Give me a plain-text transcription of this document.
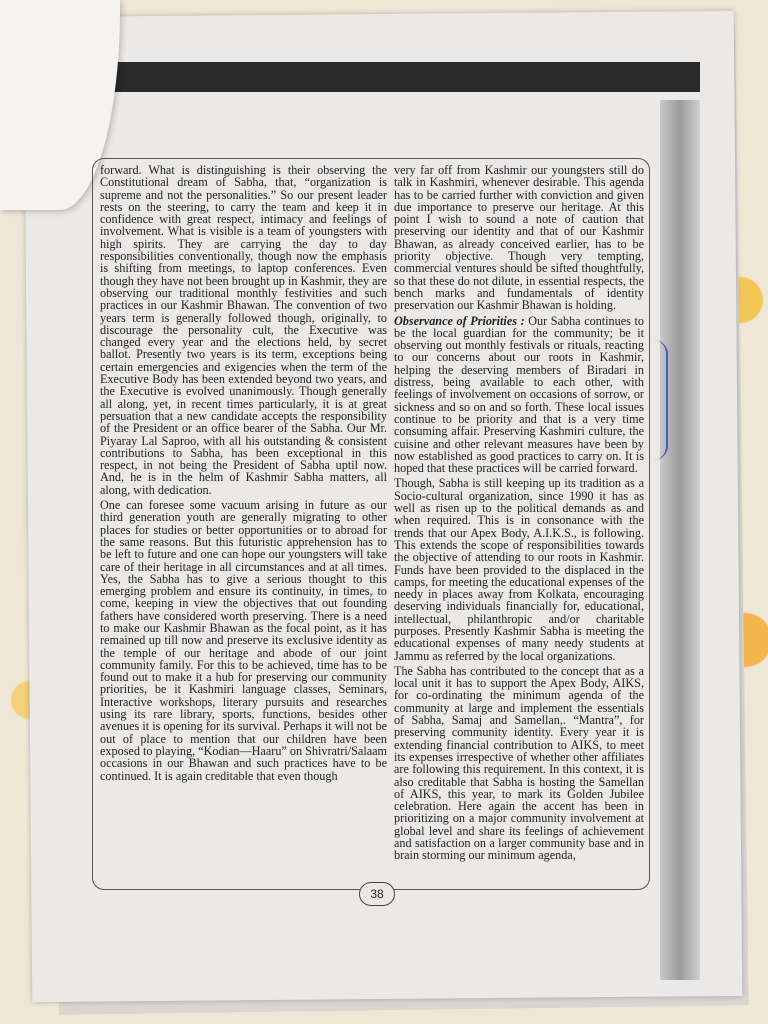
forward. What is distinguishing is their observing the Constitutional dream of Sabha, that, “organization is supreme and not the personalities.” So our present leader rests on the steering, to carry the team and keep it in confidence with great respect, intimacy and feelings of involvement. What is visible is a team of youngsters with high spirits. They are carrying the day to day responsibilities conventionally, though now the emphasis is shifting from meetings, to laptop conferences. Even though they have not been brought up in Kashmir, they are observing our traditional monthly festivities and such practices in our Kashmir Bhawan. The convention of two years term is generally followed though, originally, to discourage the personality cult, the Executive was changed every year and the elections held, by secret ballot. Presently two years is its term, exceptions being certain emergencies and exigencies when the term of the Executive Body has been extended beyond two years, and the Executive is evolved unanimously. Though generally all along, yet, in recent times particularly, it is at great persuation that a new candidate accepts the responsibility of the President or an office bearer of the Sabha. Our Mr. Piyaray Lal Saproo, with all his outstanding & consistent contributions to Sabha, has been exceptional in this respect, in not being the President of Sabha uptil now. And, he is in the helm of Kashmir Sabha matters, all along, with dedication.

One can foresee some vacuum arising in future as our third generation youth are generally migrating to other places for studies or better opportunities or to abroad for the same reasons. But this futuristic apprehension has to be left to future and one can hope our youngsters will take care of their heritage in all circumstances and at all times. Yes, the Sabha has to give a serious thought to this emerging problem and ensure its continuity, in times, to come, keeping in view the objectives that out founding fathers have considered worth preserving. There is a need to make our Kashmir Bhawan as the focal point, as it has remained up till now and preserve its exclusive identity as the temple of our heritage and abode of our joint community family. For this to be achieved, time has to be found out to make it a hub for preserving our community priorities, be it Kashmiri language classes, Seminars, Interactive workshops, literary pursuits and researches using its rare library, sports, functions, besides other avenues it is opening for its survival. Perhaps it will not be out of place to mention that our children have been exposed to playing, “Kodian—Haaru” on Shivratri/Salaam occasions in our Bhawan and such practices have to be continued. It is again creditable that even though

very far off from Kashmir our youngsters still do talk in Kashmiri, whenever desirable. This agenda has to be carried further with conviction and given due importance to preserve our heritage. At this point I wish to sound a note of caution that preserving our identity and that of our Kashmir Bhawan, as already conceived earlier, has to be priority objective. Though very tempting, commercial ventures should be sifted thoughtfully, so that these do not dilute, in essential respects, the bench marks and fundamentals of identity preservation our Kashmir Bhawan is holding.

Observance of Priorities : Our Sabha continues to be the local guardian for the community; be it observing out monthly festivals or rituals, reacting to our concerns about our roots in Kashmir, helping the deserving members of Biradari in distress, being available to each other, with feelings of involvement on occasions of sorrow, or sickness and so on and so forth. These local issues continue to be priority and that is a very time consuming affair. Preserving Kashmiri culture, the cuisine and other relevant measures have been by now established as good practices to carry on. It is hoped that these practices will be carried forward.

Though, Sabha is still keeping up its tradition as a Socio-cultural organization, since 1990 it has as well as risen up to the political demands as and when required. This is in consonance with the trends that our Apex Body, A.I.K.S., is following. This extends the scope of responsibilities towards the objective of attending to our roots in Kashmir. Funds have been provided to the displaced in the camps, for meeting the educational expenses of the needy in places away from Kolkata, encouraging deserving individuals financially for, educational, intellectual, philanthropic and/or charitable purposes. Presently Kashmir Sabha is meeting the educational expenses of many needy students at Jammu as referred by the local organizations.

The Sabha has contributed to the concept that as a local unit it has to support the Apex Body, AIKS, for co-ordinating the minimum agenda of the community at large and implement the essentials of Sabha, Samaj and Samellan,. “Mantra”, for preserving community identity. Every year it is extending financial contribution to AIKS, to meet its expenses irrespective of whether other affiliates are following this requirement. In this context, it is also creditable that Sabha is hosting the Samellan of AIKS, this year, to mark its Golden Jubilee celebration. Here again the accent has been in prioritizing on a major community involvement at global level and share its feelings of achievement and satisfaction on a larger community base and in brain storming our minimum agenda,

38
